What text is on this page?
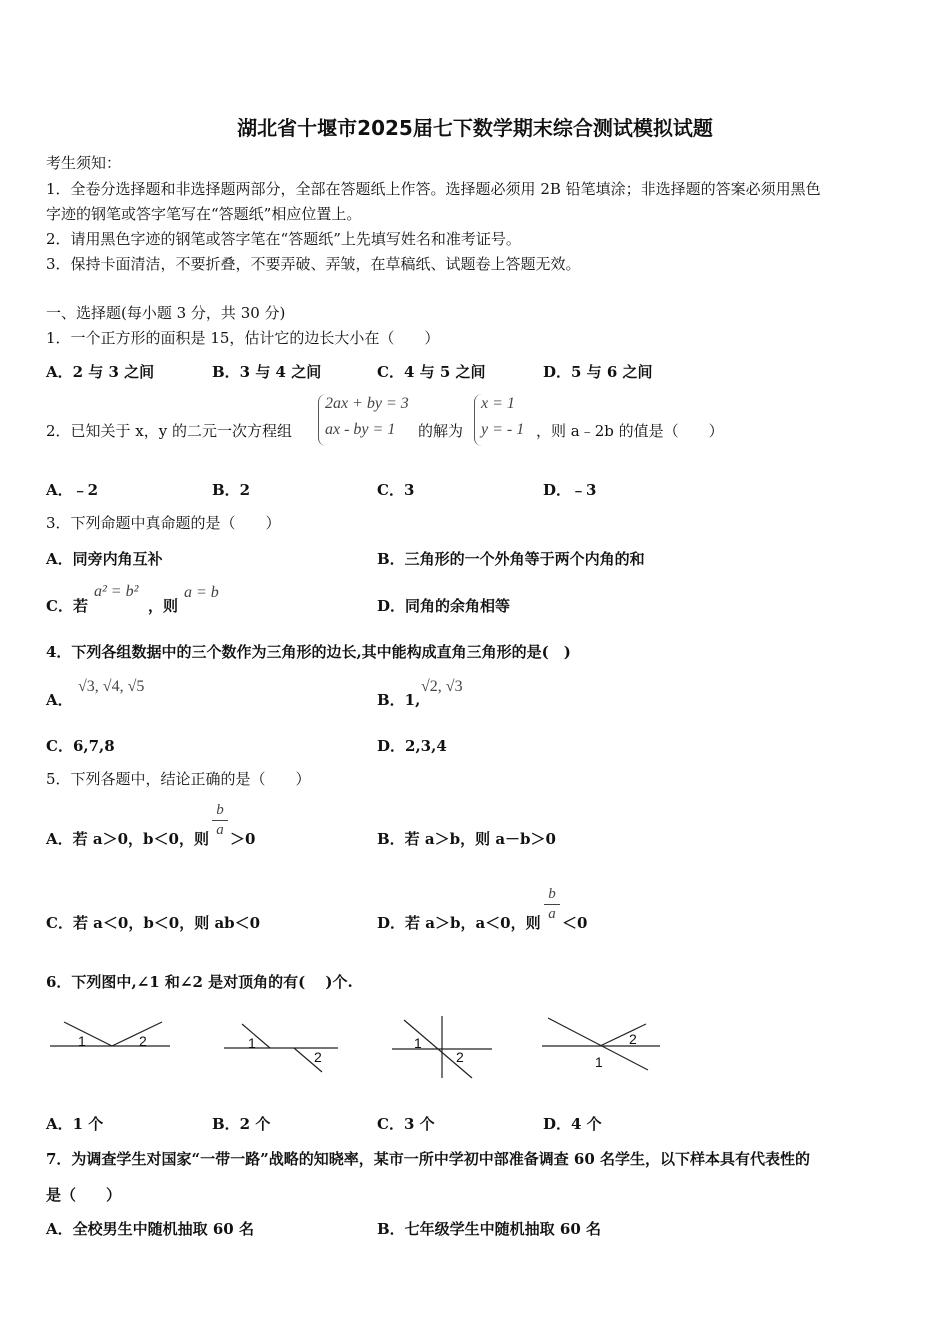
湖北省十堰市2025届七下数学期末综合测试模拟试题
考生须知：
1．全卷分选择题和非选择题两部分，全部在答题纸上作答。选择题必须用 2B 铅笔填涂；非选择题的答案必须用黑色
字迹的钢笔或答字笔写在“答题纸”相应位置上。
2．请用黑色字迹的钢笔或答字笔在“答题纸”上先填写姓名和准考证号。
3．保持卡面清洁，不要折叠，不要弄破、弄皱，在草稿纸、试题卷上答题无效。
一、选择题(每小题 3 分，共 30 分)
1．一个正方形的面积是 15，估计它的边长大小在（　　）
A．2 与 3 之间	B．3 与 4 之间	C．4 与 5 之间	D．5 与 6 之间
2．已知关于 x，y 的二元一次方程组
2ax + by = 3
ax - by = 1 的解为
x = 1
y = - 1 ，则 a﹣2b 的值是（　　）
A．﹣2	B．2	C．3	D．﹣3
3．下列命题中真命题的是（　　）
A．同旁内角互补	B．三角形的一个外角等于两个内角的和
C．若
a² = b²
，则
a = b
D．同角的余角相等
4．下列各组数据中的三个数作为三角形的边长,其中能构成直角三角形的是(　)
A．
√3, √4, √5
B．1,
√2, √3
C．6,7,8	D．2,3,4
5．下列各题中，结论正确的是（　　）
A．若 a＞0，b＜0，则
b
a ＞0	B．若 a＞b，则 a－b＞0
C．若 a＜0，b＜0，则 ab＜0	D．若 a＞b，a＜0，则
b
a ＜0
6．下列图中,∠1 和∠2 是对顶角的有(　 )个.
1	2	1
2
1
2
2
1
A．1 个	B．2 个	C．3 个	D．4 个
7．为调查学生对国家“一带一路”战略的知晓率，某市一所中学初中部准备调查 60 名学生，以下样本具有代表性的
是（　　）
A．全校男生中随机抽取 60 名	B．七年级学生中随机抽取 60 名
